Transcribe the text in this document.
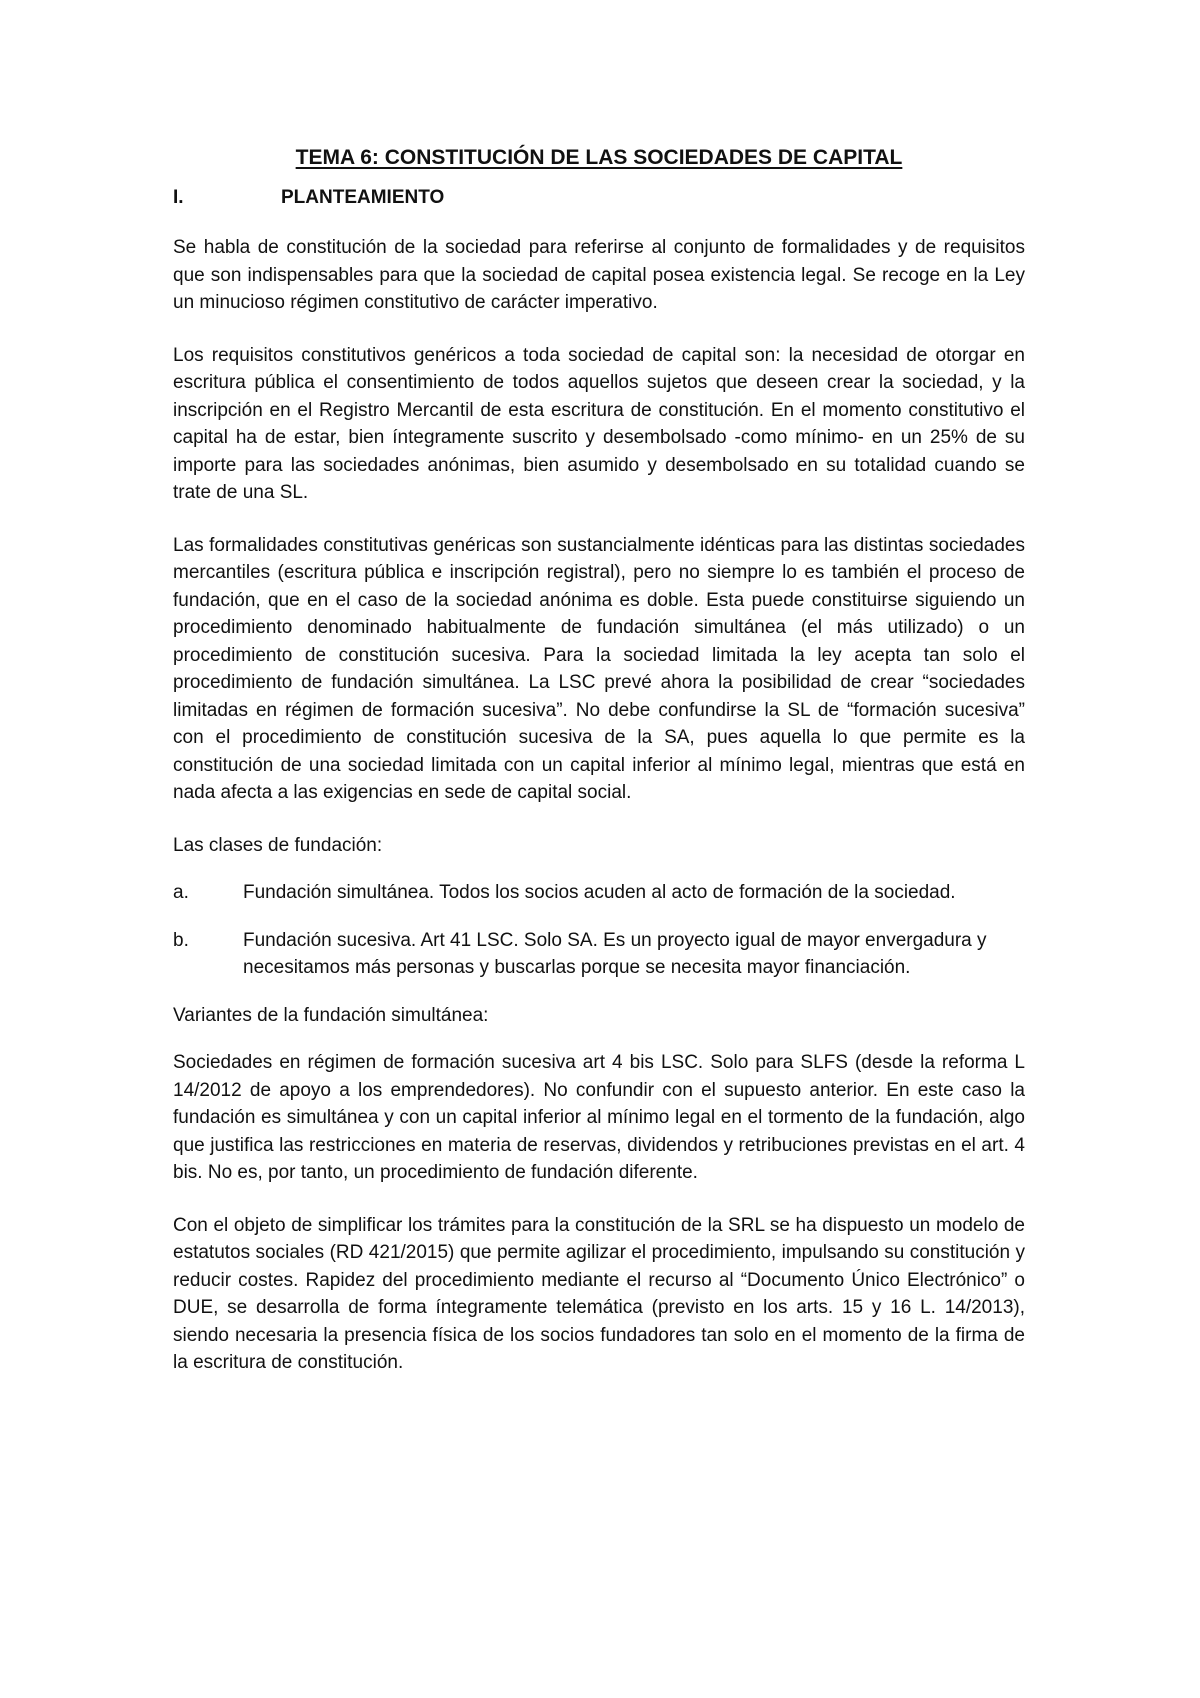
TEMA 6: CONSTITUCIÓN DE LAS SOCIEDADES DE CAPITAL
I.	PLANTEAMIENTO

Se habla de constitución de la sociedad para referirse al conjunto de formalidades y de requisitos que son indispensables para que la sociedad de capital posea existencia legal. Se recoge en la Ley un minucioso régimen constitutivo de carácter imperativo.

Los requisitos constitutivos genéricos a toda sociedad de capital son: la necesidad de otorgar en escritura pública el consentimiento de todos aquellos sujetos que deseen crear la sociedad, y la inscripción en el Registro Mercantil de esta escritura de constitución. En el momento constitutivo el capital ha de estar, bien íntegramente suscrito y desembolsado -como mínimo- en un 25% de su importe para las sociedades anónimas, bien asumido y desembolsado en su totalidad cuando se trate de una SL.

Las formalidades constitutivas genéricas son sustancialmente idénticas para las distintas sociedades mercantiles (escritura pública e inscripción registral), pero no siempre lo es también el proceso de fundación, que en el caso de la sociedad anónima es doble. Esta puede constituirse siguiendo un procedimiento denominado habitualmente de fundación simultánea (el más utilizado) o un procedimiento de constitución sucesiva. Para la sociedad limitada la ley acepta tan solo el procedimiento de fundación simultánea. La LSC prevé ahora la posibilidad de crear “sociedades limitadas en régimen de formación sucesiva”. No debe confundirse la SL de “formación sucesiva” con el procedimiento de constitución sucesiva de la SA, pues aquella lo que permite es la constitución de una sociedad limitada con un capital inferior al mínimo legal, mientras que está en nada afecta a las exigencias en sede de capital social.

Las clases de fundación:

a.	Fundación simultánea. Todos los socios acuden al acto de formación de la sociedad.
b.	Fundación sucesiva. Art 41 LSC. Solo SA. Es un proyecto igual de mayor envergadura y necesitamos más personas y buscarlas porque se necesita mayor financiación.

Variantes de la fundación simultánea:

Sociedades en régimen de formación sucesiva art 4 bis LSC. Solo para SLFS (desde la reforma L 14/2012 de apoyo a los emprendedores). No confundir con el supuesto anterior. En este caso la fundación es simultánea y con un capital inferior al mínimo legal en el tormento de la fundación, algo que justifica las restricciones en materia de reservas, dividendos y retribuciones previstas en el art. 4 bis. No es, por tanto, un procedimiento de fundación diferente.

Con el objeto de simplificar los trámites para la constitución de la SRL se ha dispuesto un modelo de estatutos sociales (RD 421/2015) que permite agilizar el procedimiento, impulsando su constitución y reducir costes. Rapidez del procedimiento mediante el recurso al “Documento Único Electrónico” o DUE, se desarrolla de forma íntegramente telemática (previsto en los arts. 15 y 16 L. 14/2013), siendo necesaria la presencia física de los socios fundadores tan solo en el momento de la firma de la escritura de constitución.
